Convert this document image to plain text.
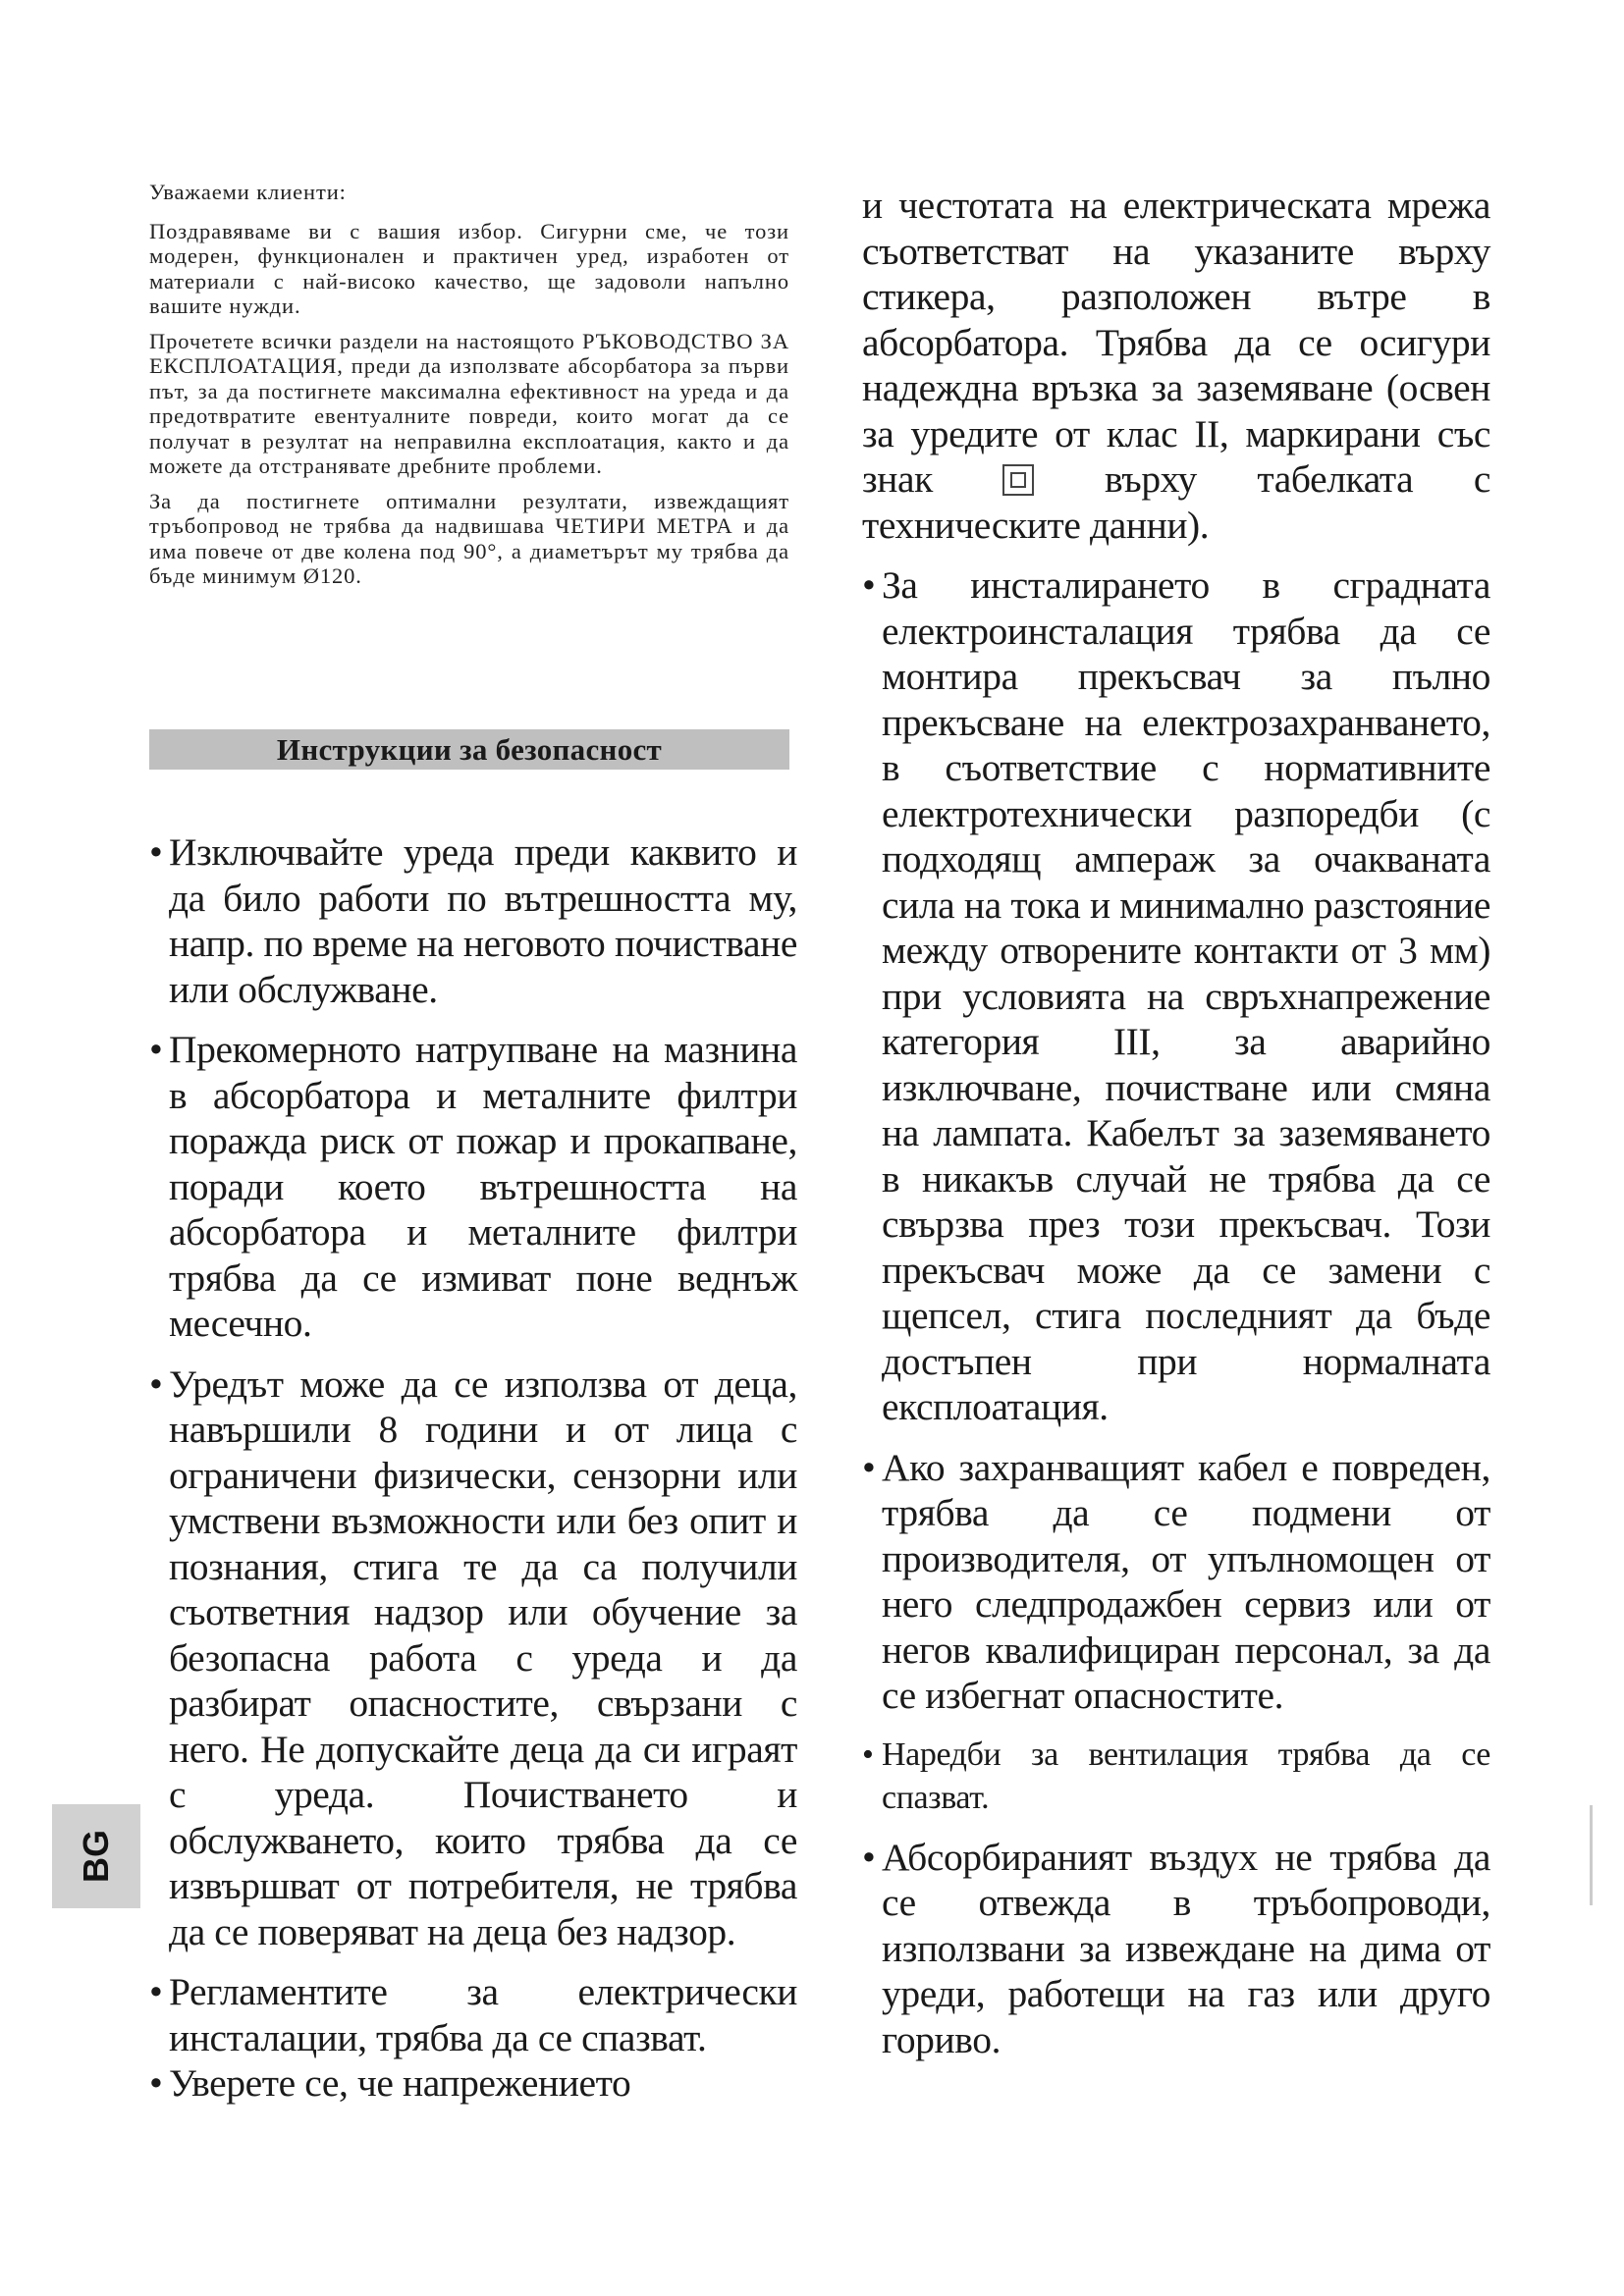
Уважаеми клиенти:

Поздравяваме ви с вашия избор. Сигурни сме, че този модерен, функционален и практичен уред, изработен от материали с най-високо качество, ще задоволи напълно вашите нужди.

Прочетете всички раздели на настоящото РЪКОВОДСТВО ЗА ЕКСПЛОАТАЦИЯ, преди да използвате абсорбатора за първи път, за да постигнете максимална ефективност на уреда и да предотвратите евентуалните повреди, които могат да се получат в резултат на неправилна експлоатация, както и да можете да отстранявате дребните проблеми.

За да постигнете оптимални резултати, извеждащият тръбопровод не трябва да надвишава ЧЕТИРИ МЕТРА и да има повече от две колена под 90°, а диаметърът му трябва да бъде минимум Ø120.

Инструкции за безопасност
• Изключвайте уреда преди каквито и да било работи по вътрешността му, напр. по време на неговото почистване или обслужване.
• Прекомерното натрупване на мазнина в абсорбатора и металните филтри поражда риск от пожар и прокапване, поради което вътрешността на абсорбатора и металните филтри трябва да се измиват поне веднъж месечно.
• Уредът може да се използва от деца, навършили 8 години и от лица с ограничени физически, сензорни или умствени възможности или без опит и познания, стига те да са получили съответния надзор или обучение за безопасна работа с уреда и да разбират опасностите, свързани с него. Не допускайте деца да си играят с уреда. Почистването и обслужването, които трябва да се извършват от потребителя, не трябва да се поверяват на деца без надзор.
• Регламентите за електрически инсталации, трябва да се спазват.
• Уверете се, че напрежението
и честотата на електрическата мрежа съответстват на указаните върху стикера, разположен вътре в абсорбатора. Трябва да се осигури надеждна връзка за заземяване (освен за уредите от клас II, маркирани със знак	върху табелката с техническите данни).
• За инсталирането в сградната електроинсталация трябва да се монтира прекъсвач за пълно прекъсване на електрозахранването, в съответствие с нормативните електротехнически разпоредби (с подходящ ампераж за очакваната сила на тока и минимално разстояние между отворените контакти от 3 мм) при условията на свръхнапрежение категория III, за аварийно изключване, почистване или смяна на лампата. Кабелът за заземяването в никакъв случай не трябва да се свързва през този прекъсвач. Този прекъсвач може да се замени с щепсел, стига последният да бъде достъпен при нормалната експлоатация.
• Ако захранващият кабел е повреден, трябва да се подмени от производителя, от упълномощен от него следпродажбен сервиз или от негов квалифициран персонал, за да се избегнат опасностите.
• Наредби за вентилация трябва да се спазват.
• Абсорбираният въздух не трябва да се отвежда в тръбопроводи, използвани за извеждане на дима от уреди, работещи на газ или друго гориво.
BG
